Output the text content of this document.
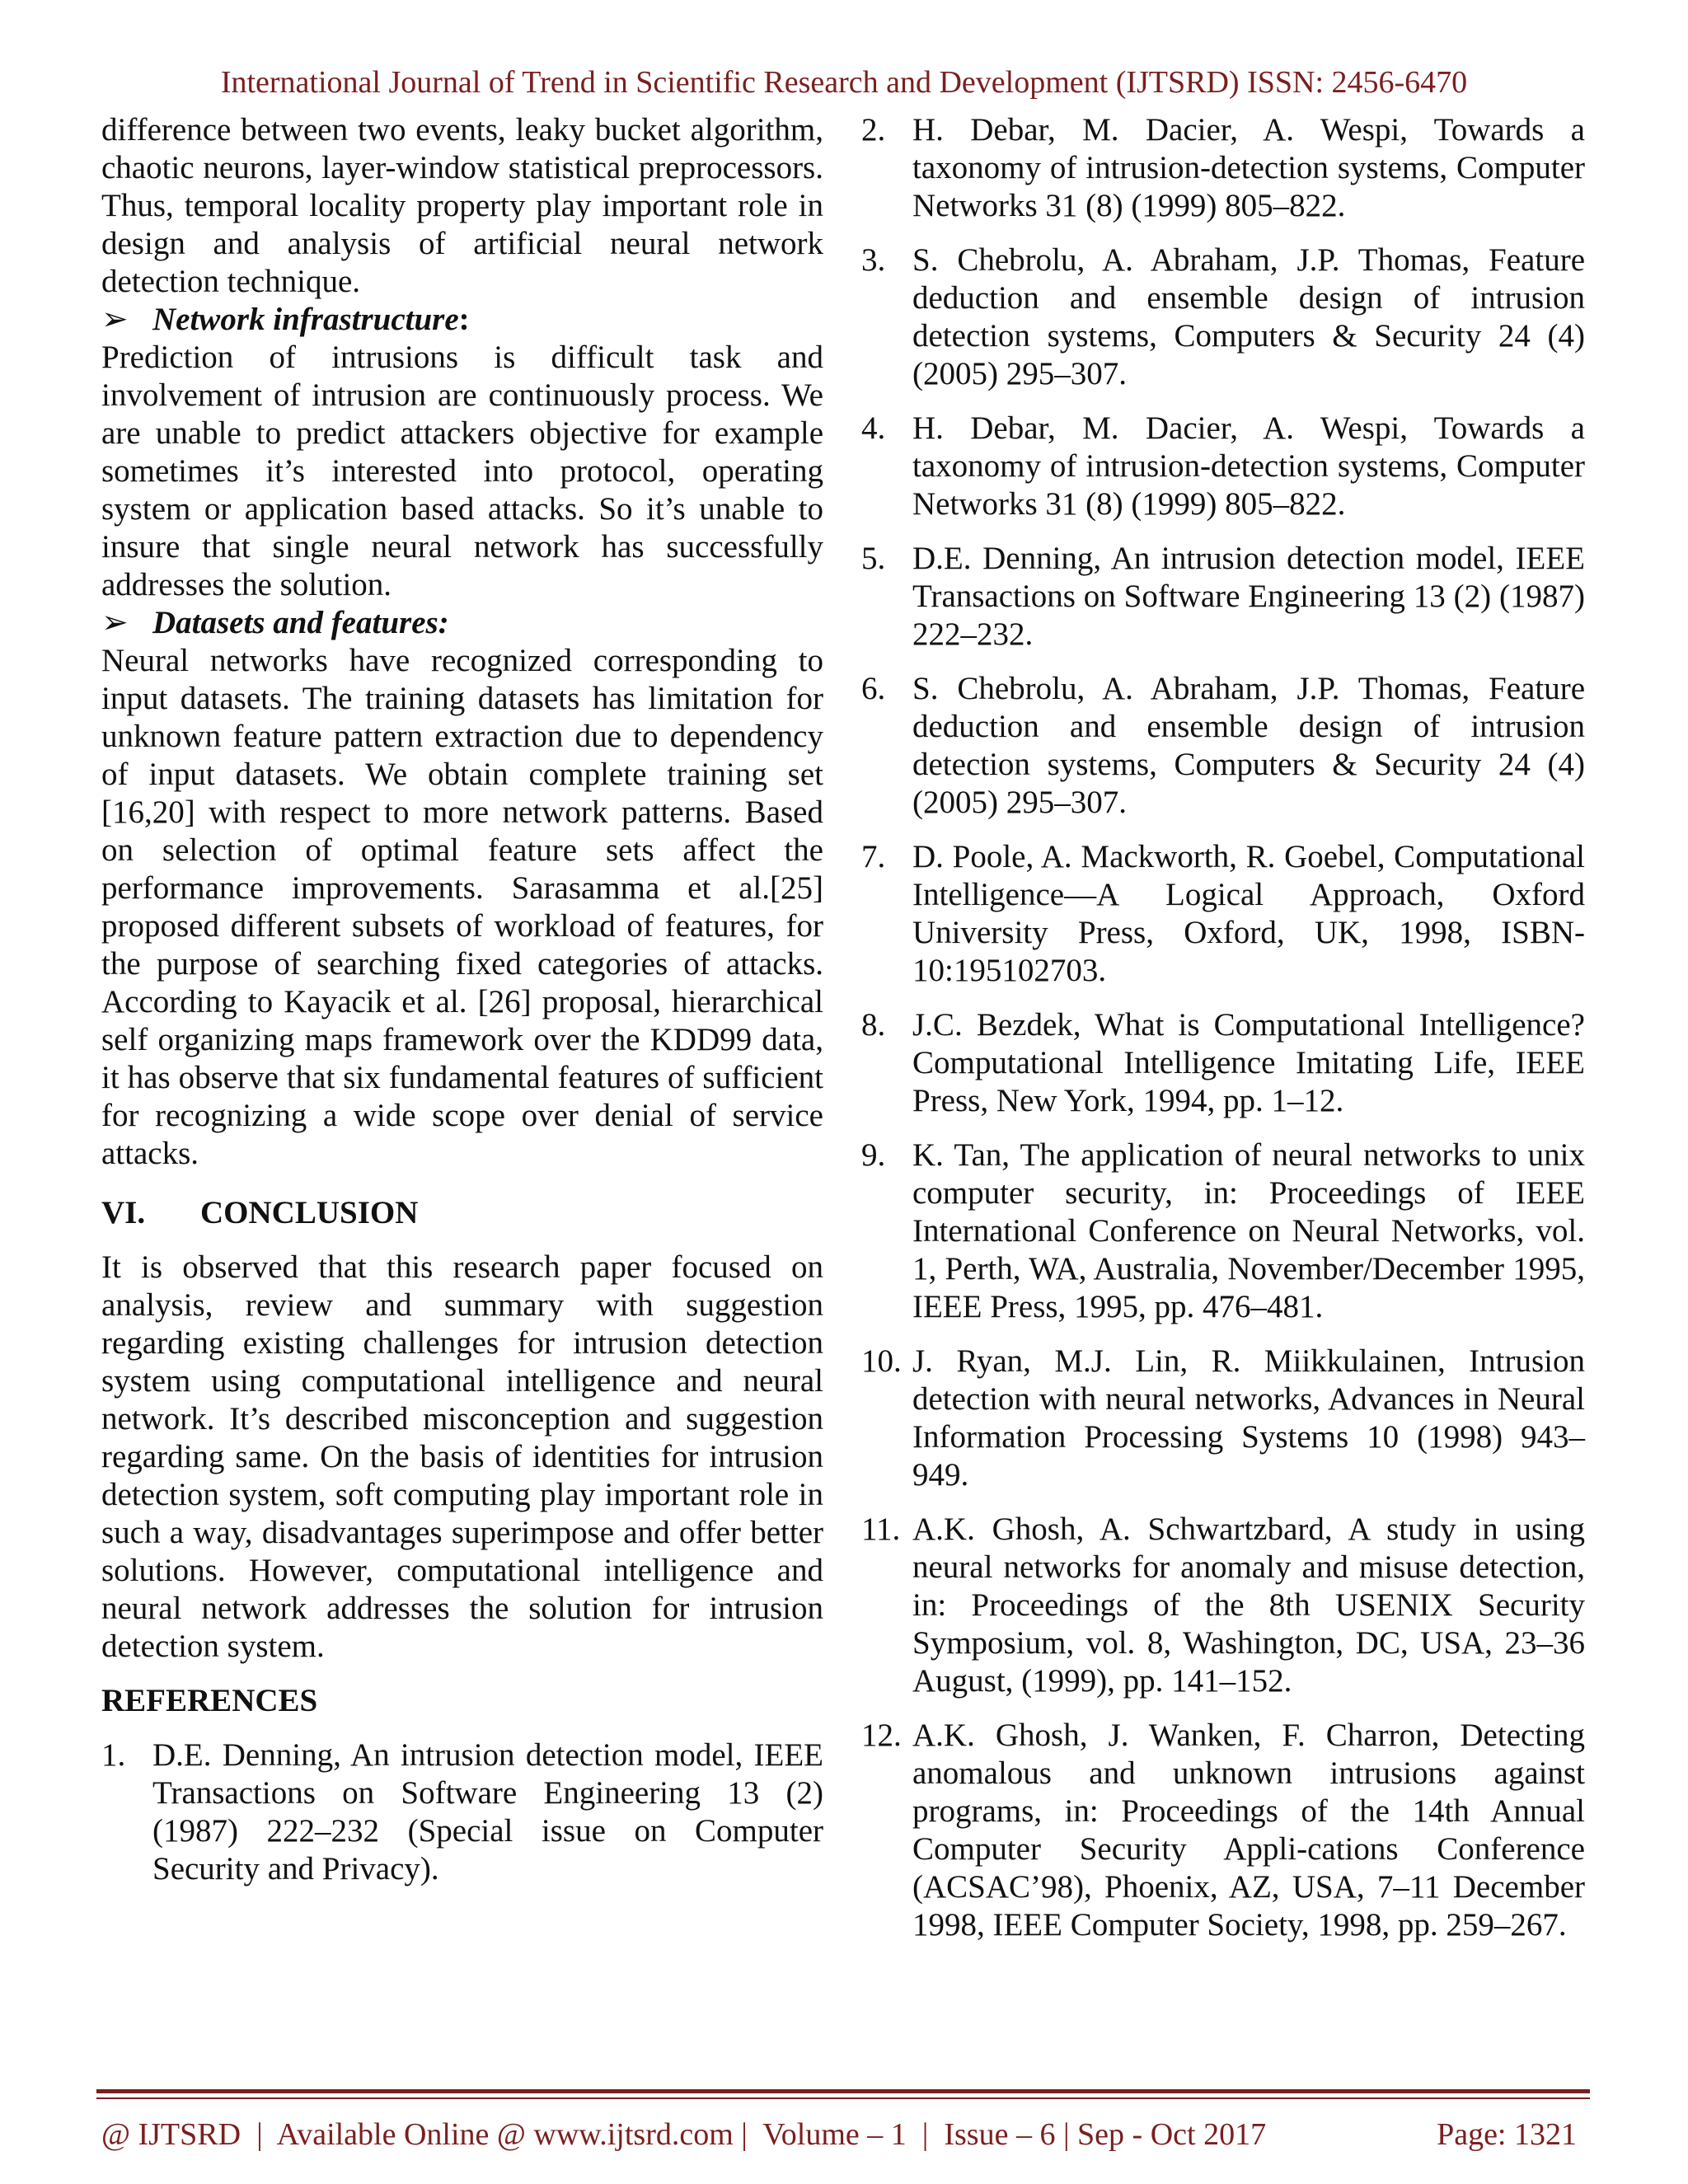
International Journal of Trend in Scientific Research and Development (IJTSRD) ISSN: 2456-6470

difference between two events, leaky bucket algorithm, chaotic neurons, layer-window statistical preprocessors. Thus, temporal locality property play important role in design and analysis of artificial neural network detection technique.

➢ Network infrastructure :

Prediction of intrusions is difficult task and involvement of intrusion are continuously process. We are unable to predict attackers objective for example sometimes it’s interested into protocol, operating system or application based attacks. So it’s unable to insure that single neural network has successfully addresses the solution.

➢ Datasets and features:

Neural networks have recognized corresponding to input datasets. The training datasets has limitation for unknown feature pattern extraction due to dependency of input datasets. We obtain complete training set [16,20] with respect to more network patterns. Based on selection of optimal feature sets affect the performance improvements. Sarasamma et al.[25] proposed different subsets of workload of features, for the purpose of searching fixed categories of attacks. According to Kayacik et al. [26] proposal, hierarchical self organizing maps framework over the KDD99 data, it has observe that six fundamental features of sufficient for recognizing a wide scope over denial of service attacks.

VI.	CONCLUSION

It is observed that this research paper focused on analysis, review and summary with suggestion regarding existing challenges for intrusion detection system using computational intelligence and neural network. It’s described misconception and suggestion regarding same. On the basis of identities for intrusion detection system, soft computing play important role in such a way, disadvantages superimpose and offer better solutions. However, computational intelligence and neural network addresses the solution for intrusion detection system.

REFERENCES

1. D.E. Denning, An intrusion detection model, IEEE Transactions on Software Engineering 13 (2) (1987) 222–232 (Special issue on Computer Security and Privacy).
2. H. Debar, M. Dacier, A. Wespi, Towards a taxonomy of intrusion-detection systems, Computer Networks 31 (8) (1999) 805–822.
3. S. Chebrolu, A. Abraham, J.P. Thomas, Feature deduction and ensemble design of intrusion detection systems, Computers & Security 24 (4) (2005) 295–307.
4. H. Debar, M. Dacier, A. Wespi, Towards a taxonomy of intrusion-detection systems, Computer Networks 31 (8) (1999) 805–822.
5. D.E. Denning, An intrusion detection model, IEEE Transactions on Software Engineering 13 (2) (1987) 222–232.
6. S. Chebrolu, A. Abraham, J.P. Thomas, Feature deduction and ensemble design of intrusion detection systems, Computers & Security 24 (4) (2005) 295–307.
7. D. Poole, A. Mackworth, R. Goebel, Computational Intelligence—A Logical Approach, Oxford University Press, Oxford, UK, 1998, ISBN-10:195102703.
8. J.C. Bezdek, What is Computational Intelligence? Computational Intelligence Imitating Life, IEEE Press, New York, 1994, pp. 1–12.
9. K. Tan, The application of neural networks to unix computer security, in: Proceedings of IEEE International Conference on Neural Networks, vol. 1, Perth, WA, Australia, November/December 1995, IEEE Press, 1995, pp. 476–481.
10. J. Ryan, M.J. Lin, R. Miikkulainen, Intrusion detection with neural networks, Advances in Neural Information Processing Systems 10 (1998) 943–949.
11. A.K. Ghosh, A. Schwartzbard, A study in using neural networks for anomaly and misuse detection, in: Proceedings of the 8th USENIX Security Symposium, vol. 8, Washington, DC, USA, 23–36 August, (1999), pp. 141–152.
12. A.K. Ghosh, J. Wanken, F. Charron, Detecting anomalous and unknown intrusions against programs, in: Proceedings of the 14th Annual Computer Security Appli-cations Conference (ACSAC’98), Phoenix, AZ, USA, 7–11 December 1998, IEEE Computer Society, 1998, pp. 259–267.
@ IJTSRD  |  Available Online @ www.ijtsrd.com |  Volume – 1  |  Issue – 6 | Sep - Oct 2017	Page: 1321
